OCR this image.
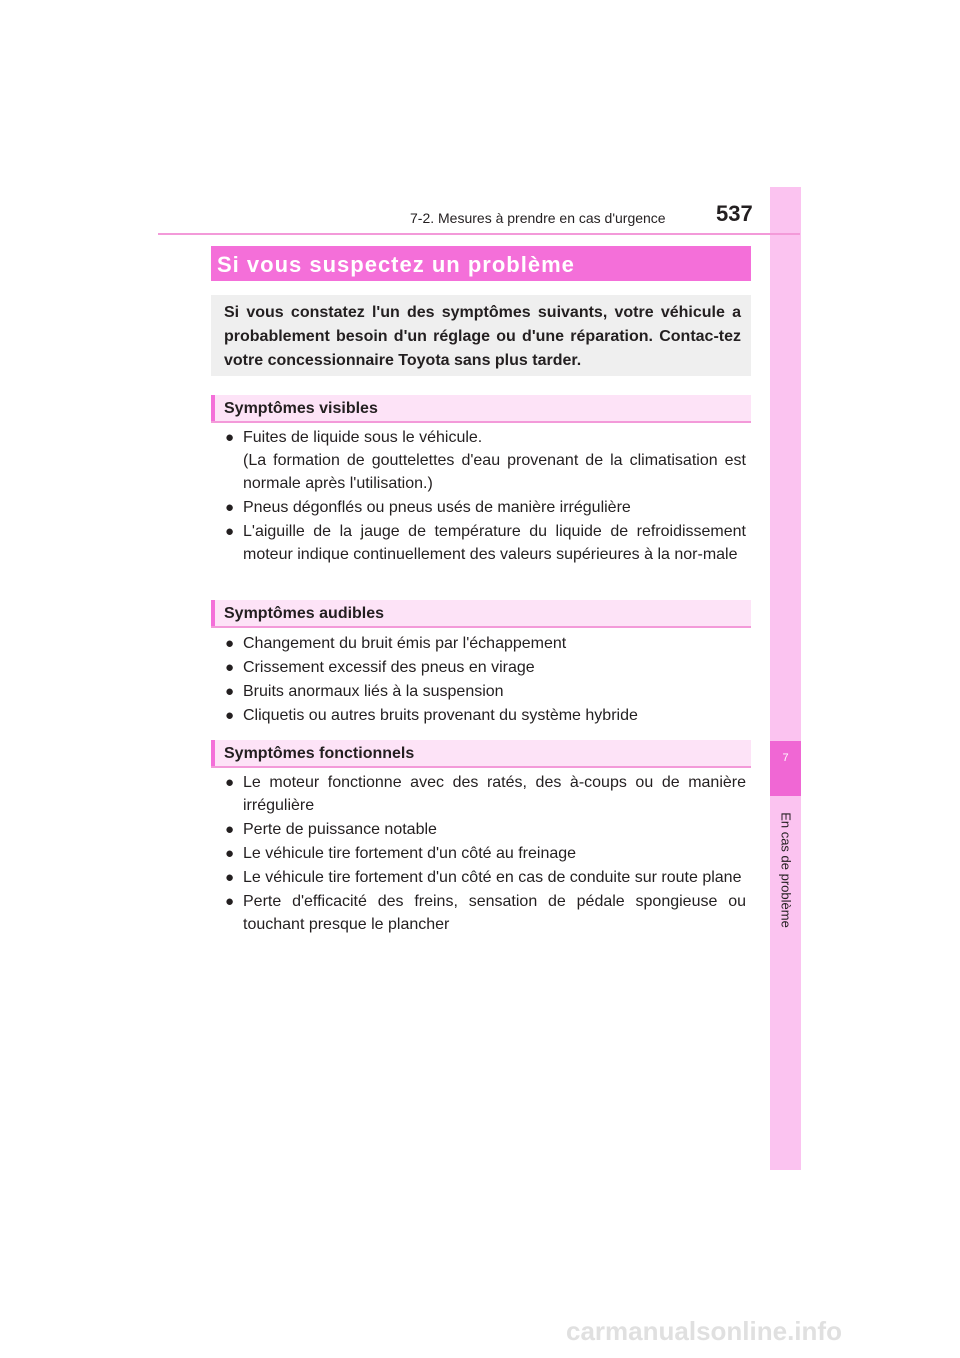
7
En cas de problème
7-2. Mesures à prendre en cas d'urgence 537
Si vous suspectez un problème

Si vous constatez l'un des symptômes suivants, votre véhicule a probablement besoin d'un réglage ou d'une réparation. Contac-tez votre concessionnaire Toyota sans plus tarder.

Symptômes visibles
● Fuites de liquide sous le véhicule.
(La formation de gouttelettes d'eau provenant de la climatisation est normale après l'utilisation.)
● Pneus dégonflés ou pneus usés de manière irrégulière
● L'aiguille de la jauge de température du liquide de refroidissement moteur indique continuellement des valeurs supérieures à la nor-male
Symptômes audibles
● Changement du bruit émis par l'échappement
● Crissement excessif des pneus en virage
● Bruits anormaux liés à la suspension
● Cliquetis ou autres bruits provenant du système hybride
Symptômes fonctionnels
● Le moteur fonctionne avec des ratés, des à-coups ou de manière irrégulière
● Perte de puissance notable
● Le véhicule tire fortement d'un côté au freinage
● Le véhicule tire fortement d'un côté en cas de conduite sur route plane
● Perte d'efficacité des freins, sensation de pédale spongieuse ou touchant presque le plancher
carmanualsonline.info
